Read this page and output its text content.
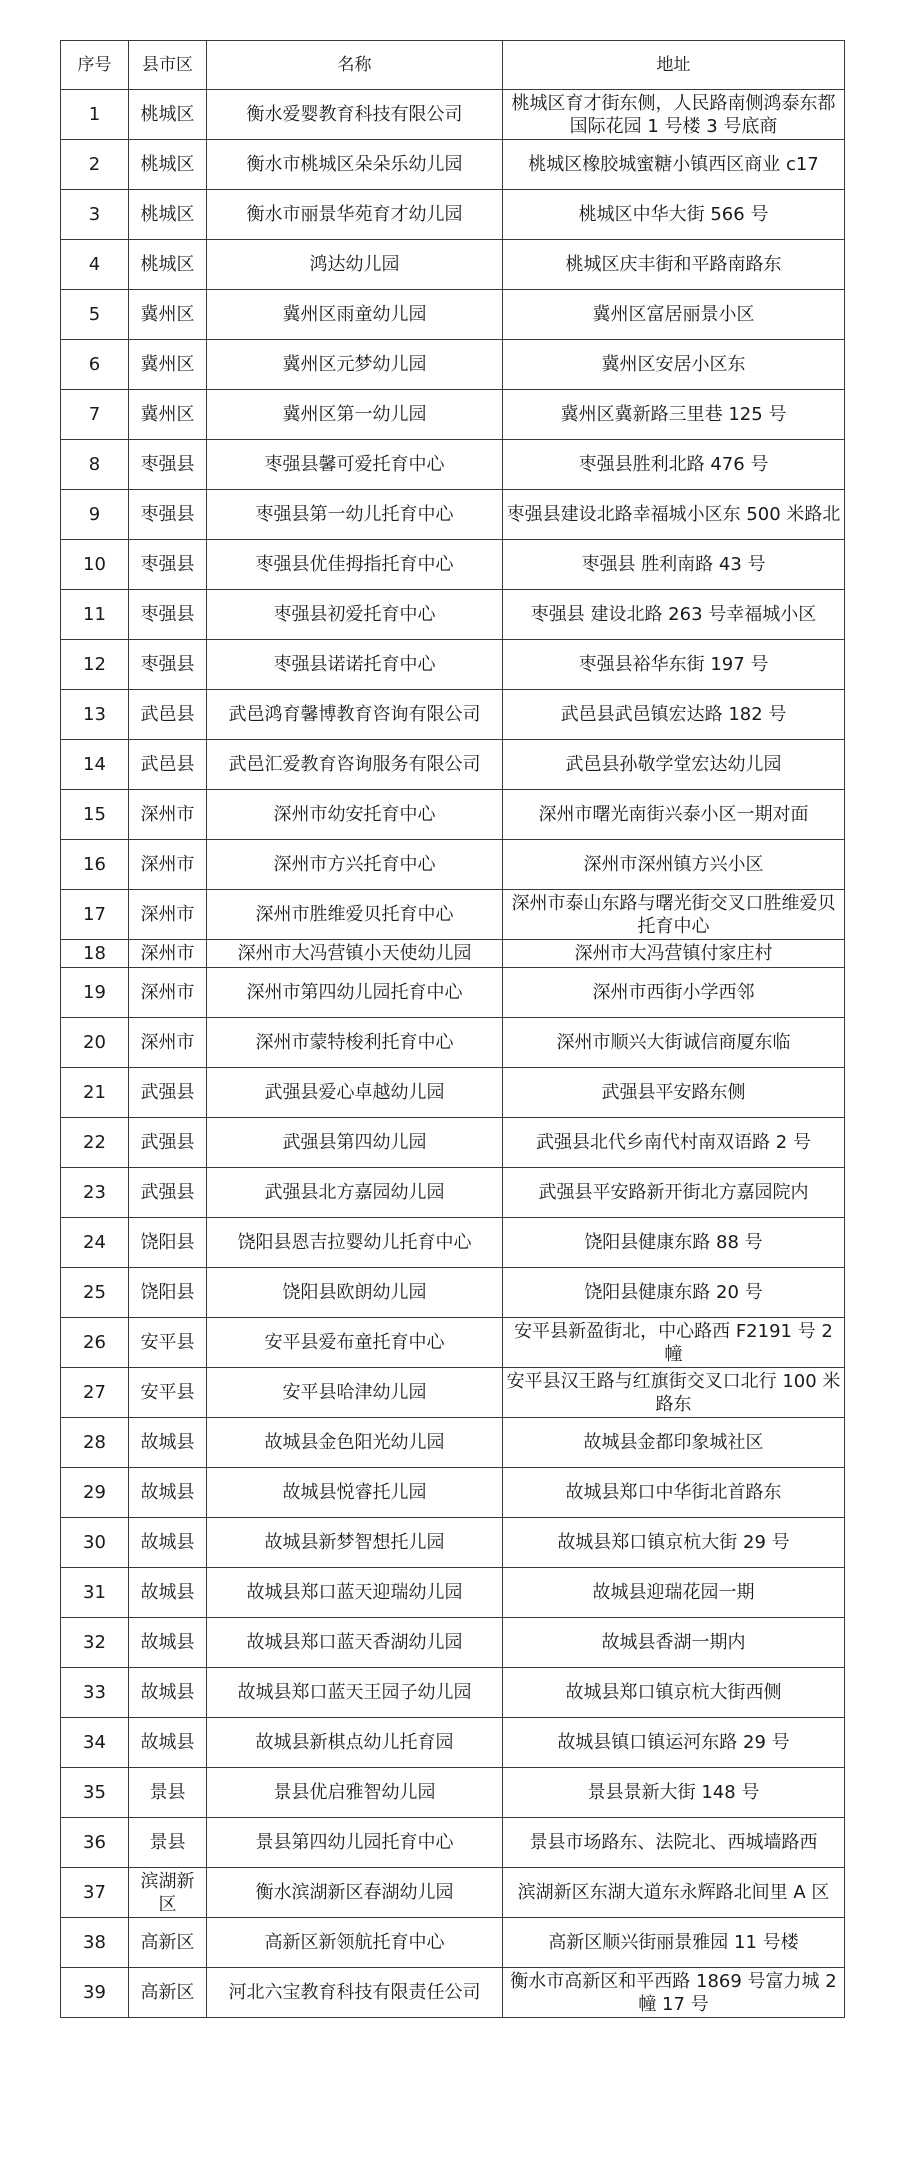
序号	县市区	名称	地址
1	桃城区	衡水爱婴教育科技有限公司	桃城区育才街东侧，人民路南侧鸿泰东都国际花园 1 号楼 3 号底商
2	桃城区	衡水市桃城区朵朵乐幼儿园	桃城区橡胶城蜜糖小镇西区商业 c17
3	桃城区	衡水市丽景华苑育才幼儿园	桃城区中华大街 566 号
4	桃城区	鸿达幼儿园	桃城区庆丰街和平路南路东
5	冀州区	冀州区雨童幼儿园	冀州区富居丽景小区
6	冀州区	冀州区元梦幼儿园	冀州区安居小区东
7	冀州区	冀州区第一幼儿园	冀州区冀新路三里巷 125 号
8	枣强县	枣强县馨可爱托育中心	枣强县胜利北路 476 号
9	枣强县	枣强县第一幼儿托育中心	枣强县建设北路幸福城小区东 500 米路北
10	枣强县	枣强县优佳拇指托育中心	枣强县 胜利南路 43 号
11	枣强县	枣强县初爱托育中心	枣强县 建设北路 263 号幸福城小区
12	枣强县	枣强县诺诺托育中心	枣强县裕华东街 197 号
13	武邑县	武邑鸿育馨博教育咨询有限公司	武邑县武邑镇宏达路 182 号
14	武邑县	武邑汇爱教育咨询服务有限公司	武邑县孙敬学堂宏达幼儿园
15	深州市	深州市幼安托育中心	深州市曙光南街兴泰小区一期对面
16	深州市	深州市方兴托育中心	深州市深州镇方兴小区
17	深州市	深州市胜维爱贝托育中心	深州市泰山东路与曙光街交叉口胜维爱贝托育中心
18	深州市	深州市大冯营镇小天使幼儿园	深州市大冯营镇付家庄村
19	深州市	深州市第四幼儿园托育中心	深州市西街小学西邻
20	深州市	深州市蒙特梭利托育中心	深州市顺兴大街诚信商厦东临
21	武强县	武强县爱心卓越幼儿园	武强县平安路东侧
22	武强县	武强县第四幼儿园	武强县北代乡南代村南双语路 2 号
23	武强县	武强县北方嘉园幼儿园	武强县平安路新开街北方嘉园院内
24	饶阳县	饶阳县恩吉拉婴幼儿托育中心	饶阳县健康东路 88 号
25	饶阳县	饶阳县欧朗幼儿园	饶阳县健康东路 20 号
26	安平县	安平县爱布童托育中心	安平县新盈街北，中心路西 F2191 号 2 幢
27	安平县	安平县哈津幼儿园	安平县汉王路与红旗街交叉口北行 100 米路东
28	故城县	故城县金色阳光幼儿园	故城县金都印象城社区
29	故城县	故城县悦睿托儿园	故城县郑口中华街北首路东
30	故城县	故城县新梦智想托儿园	故城县郑口镇京杭大街 29 号
31	故城县	故城县郑口蓝天迎瑞幼儿园	故城县迎瑞花园一期
32	故城县	故城县郑口蓝天香湖幼儿园	故城县香湖一期内
33	故城县	故城县郑口蓝天王园子幼儿园	故城县郑口镇京杭大街西侧
34	故城县	故城县新棋点幼儿托育园	故城县镇口镇运河东路 29 号
35	景县	景县优启雅智幼儿园	景县景新大街 148 号
36	景县	景县第四幼儿园托育中心	景县市场路东、法院北、西城墙路西
37	滨湖新区	衡水滨湖新区春湖幼儿园	滨湖新区东湖大道东永辉路北间里 A 区
38	高新区	高新区新领航托育中心	高新区顺兴街丽景雅园 11 号楼
39	高新区	河北六宝教育科技有限责任公司	衡水市高新区和平西路 1869 号富力城 2 幢 17 号
